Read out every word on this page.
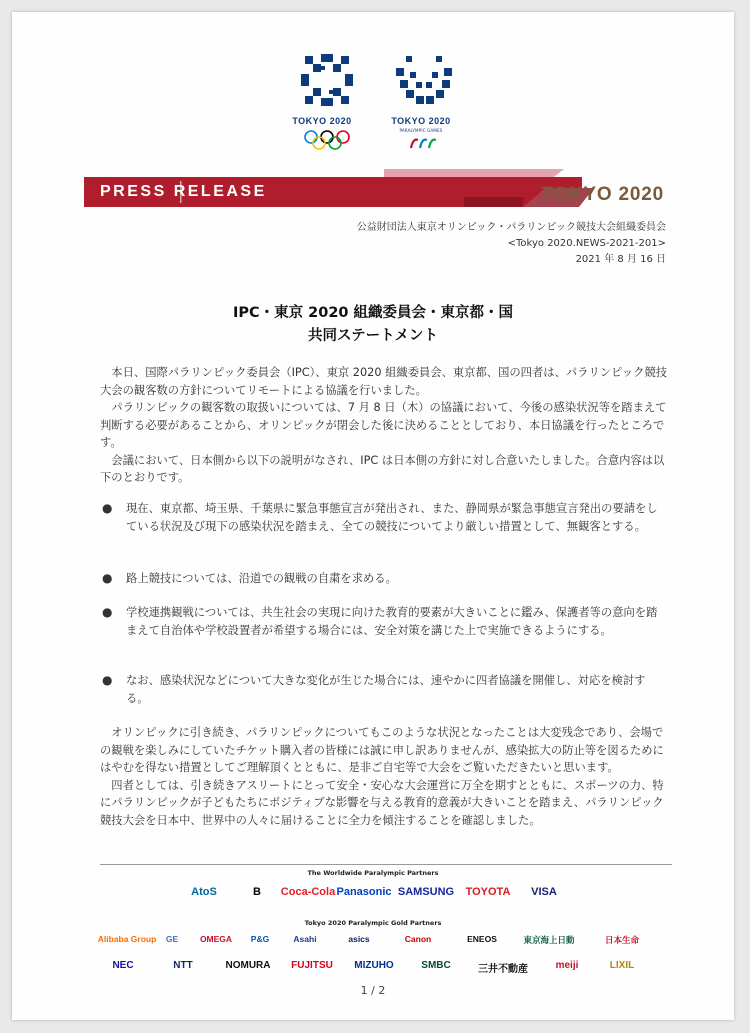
TOKYO 2020	TOKYO 2020
PARALYMPIC GAMES
PRESS RELEASE	TOKYO 2020
公益財団法人東京オリンピック・パラリンピック競技大会組織委員会
<Tokyo 2020.NEWS-2021-201>
2021 年 8 月 16 日
IPC・東京 2020 組織委員会・東京都・国
共同ステートメント

本日、国際パラリンピック委員会（IPC）、東京 2020 組織委員会、東京都、国の四者は、パラリンピック競技大会の観客数の方針についてリモートによる協議を行いました。

パラリンピックの観客数の取扱いについては、7 月 8 日（木）の協議において、今後の感染状況等を踏まえて判断する必要があることから、オリンピックが閉会した後に決めることとしており、本日協議を行ったところです。

会議において、日本側から以下の説明がなされ、IPC は日本側の方針に対し合意いたしました。合意内容は以下のとおりです。

● 現在、東京都、埼玉県、千葉県に緊急事態宣言が発出され、また、静岡県が緊急事態宣言発出の要請をしている状況及び現下の感染状況を踏まえ、全ての競技についてより厳しい措置として、無観客とする。
● 路上競技については、沿道での観戦の自粛を求める。
● 学校連携観戦については、共生社会の実現に向けた教育的要素が大きいことに鑑み、保護者等の意向を踏まえて自治体や学校設置者が希望する場合には、安全対策を講じた上で実施できるようにする。
● なお、感染状況などについて大きな変化が生じた場合には、速やかに四者協議を開催し、対応を検討する。

オリンピックに引き続き、パラリンピックについてもこのような状況となったことは大変残念であり、会場での観戦を楽しみにしていたチケット購入者の皆様には誠に申し訳ありませんが、感染拡大の防止等を図るためにはやむを得ない措置としてご理解頂くとともに、是非ご自宅等で大会をご覧いただきたいと思います。

四者としては、引き続きアスリートにとって安全・安心な大会運営に万全を期すとともに、スポーツの力、特にパラリンピックが子どもたちにポジティブな影響を与える教育的意義が大きいことを踏まえ、パラリンピック競技大会を日本中、世界中の人々に届けることに全力を傾注することを確認しました。

The Worldwide Paralympic Partners
AtoS	B Coca-Cola Panasonic SAMSUNG TOYOTA VISA
Tokyo 2020 Paralympic Gold Partners
Alibaba Group GE	OMEGA P&G	Asahi	asics	Canon	ENEOS	東京海上日動	日本生命
NEC	NTT	NOMURA FUJITSU MIZUHO	SMBC	三井不動産	meiji	LIXIL
1 / 2
